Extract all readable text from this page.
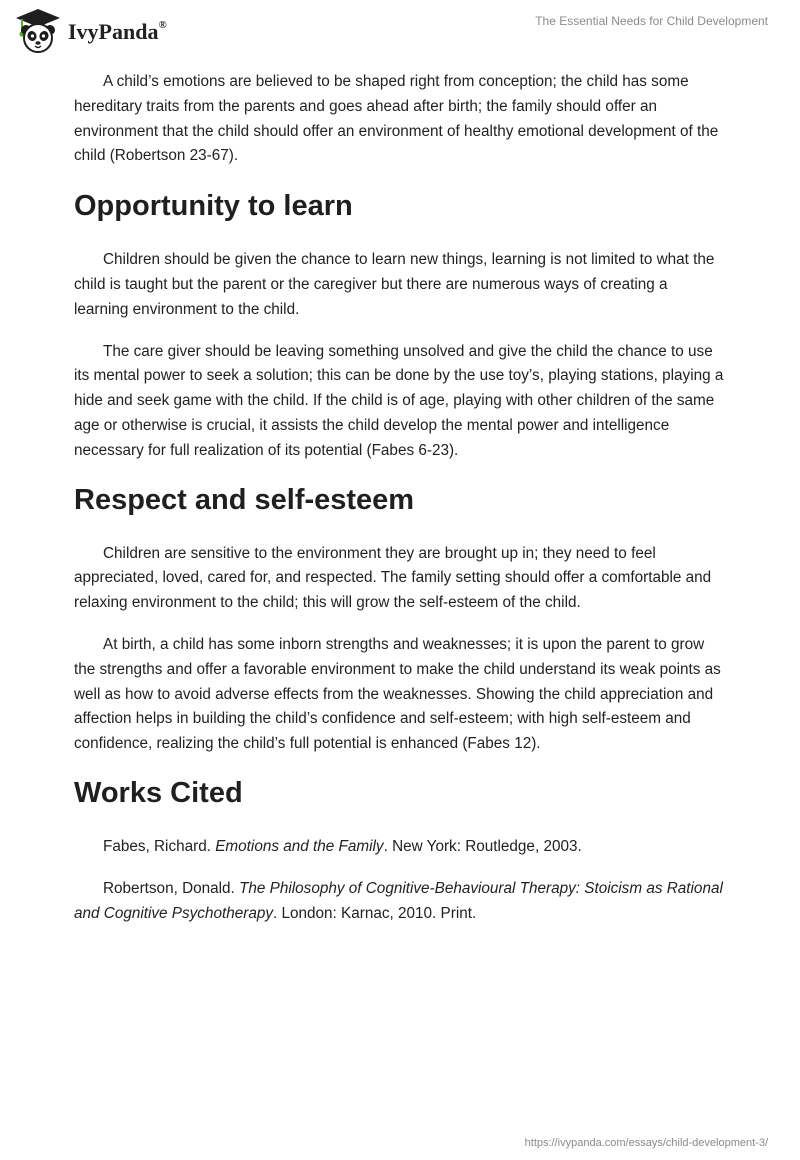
IvyPanda®	The Essential Needs for Child Development

A child’s emotions are believed to be shaped right from conception; the child has some hereditary traits from the parents and goes ahead after birth; the family should offer an environment that the child should offer an environment of healthy emotional development of the child (Robertson 23-67).

Opportunity to learn

Children should be given the chance to learn new things, learning is not limited to what the child is taught but the parent or the caregiver but there are numerous ways of creating a learning environment to the child.

The care giver should be leaving something unsolved and give the child the chance to use its mental power to seek a solution; this can be done by the use toy’s, playing stations, playing a hide and seek game with the child. If the child is of age, playing with other children of the same age or otherwise is crucial, it assists the child develop the mental power and intelligence necessary for full realization of its potential (Fabes 6-23).

Respect and self-esteem

Children are sensitive to the environment they are brought up in; they need to feel appreciated, loved, cared for, and respected. The family setting should offer a comfortable and relaxing environment to the child; this will grow the self-esteem of the child.

At birth, a child has some inborn strengths and weaknesses; it is upon the parent to grow the strengths and offer a favorable environment to make the child understand its weak points as well as how to avoid adverse effects from the weaknesses. Showing the child appreciation and affection helps in building the child’s confidence and self-esteem; with high self-esteem and confidence, realizing the child’s full potential is enhanced (Fabes 12).

Works Cited

Fabes, Richard. Emotions and the Family. New York: Routledge, 2003.

Robertson, Donald. The Philosophy of Cognitive-Behavioural Therapy: Stoicism as Rational and Cognitive Psychotherapy. London: Karnac, 2010. Print.

https://ivypanda.com/essays/child-development-3/
